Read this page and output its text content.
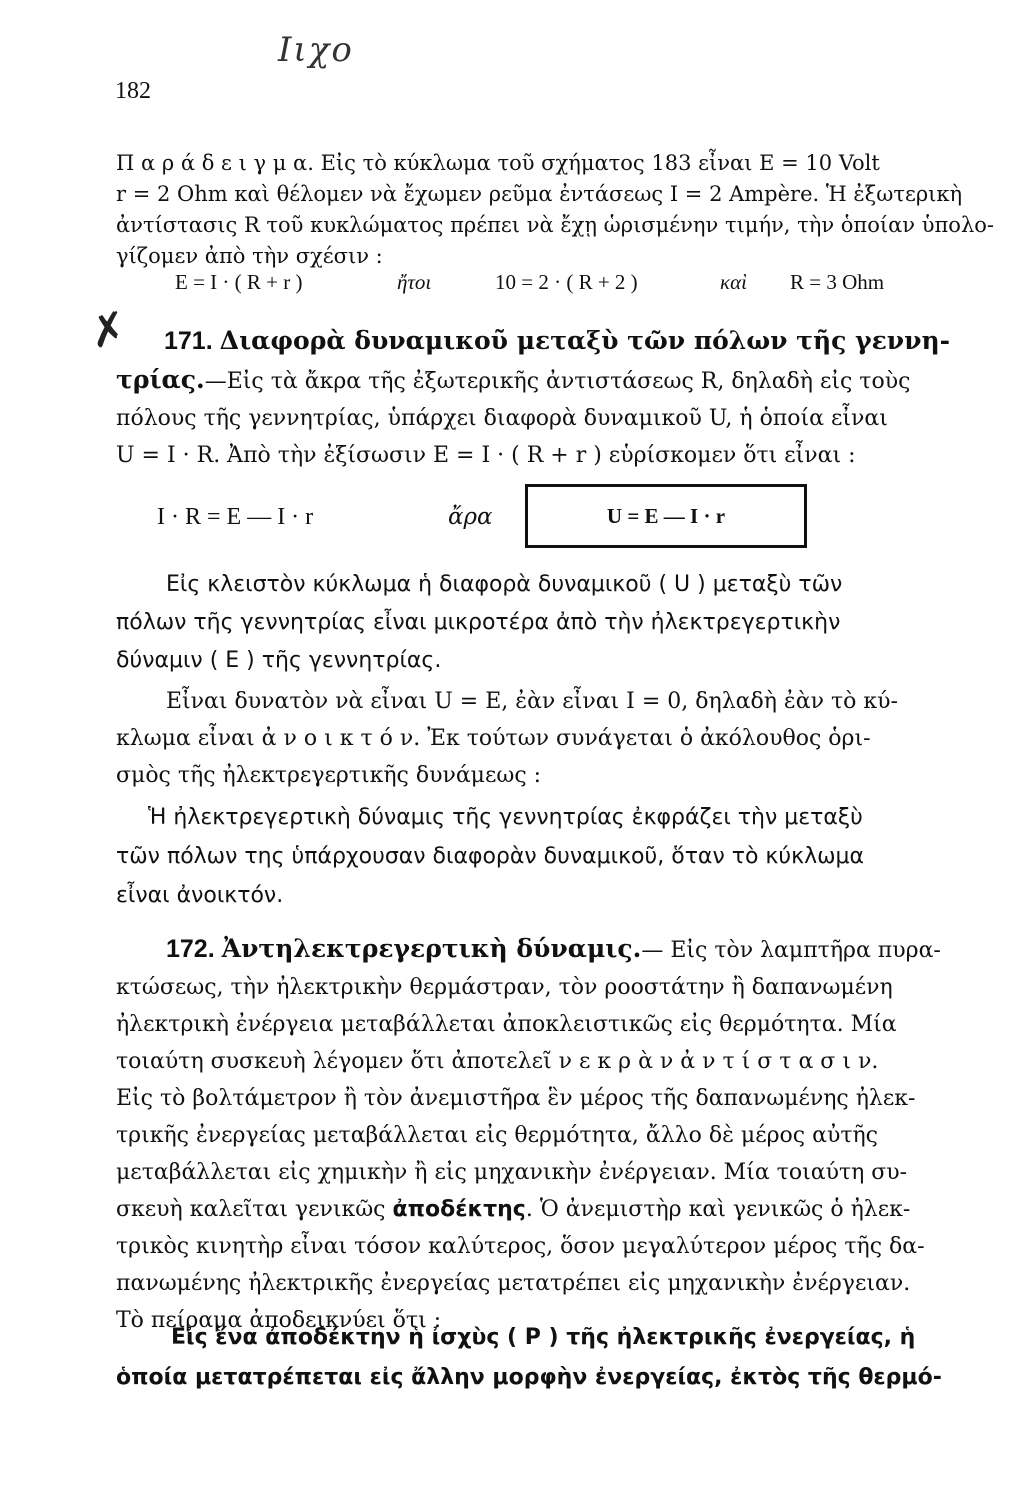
182
Ιιχο
✗
Π α ρ ά δ ε ι γ μ α. Εἰς τὸ κύκλωμα τοῦ σχήματος 183 εἶναι E = 10 Volt
r = 2 Ohm καὶ θέλομεν νὰ ἔχωμεν ρεῦμα ἐντάσεως I = 2 Ampère. Ἡ ἐξωτερικὴ
ἀντίστασις R τοῦ κυκλώματος πρέπει νὰ ἔχῃ ὡρισμένην τιμήν, τὴν ὁποίαν ὑπολο-
γίζομεν ἀπὸ τὴν σχέσιν :
E = I · ( R + r )	ἤτοι	10 = 2 · ( R + 2 )	καὶ R = 3 Ohm
171. Διαφορὰ δυναμικοῦ μεταξὺ τῶν πόλων τῆς γεννη-
τρίας.—Εἰς τὰ ἄκρα τῆς ἐξωτερικῆς ἀντιστάσεως R, δηλαδὴ εἰς τοὺς
πόλους τῆς γεννητρίας, ὑπάρχει διαφορὰ δυναμικοῦ U, ἡ ὁποία εἶναι
U = I · R. Ἀπὸ τὴν ἐξίσωσιν E = I · ( R + r ) εὑρίσκομεν ὅτι εἶναι :
I · R = E — I · r	ἄρα	U = E — I · r
Εἰς κλειστὸν κύκλωμα ἡ διαφορὰ δυναμικοῦ ( U ) μεταξὺ τῶν
πόλων τῆς γεννητρίας εἶναι μικροτέρα ἀπὸ τὴν ἠλεκτρεγερτικὴν
δύναμιν ( E ) τῆς γεννητρίας.
Εἶναι δυνατὸν νὰ εἶναι U = E, ἐὰν εἶναι I = 0, δηλαδὴ ἐὰν τὸ κύ-
κλωμα εἶναι ἀ ν ο ι κ τ ό ν. Ἐκ τούτων συνάγεται ὁ ἀκόλουθος ὁρι-
σμὸς τῆς ἠλεκτρεγερτικῆς δυνάμεως :
Ἡ ἠλεκτρεγερτικὴ δύναμις τῆς γεννητρίας ἐκφράζει τὴν μεταξὺ
τῶν πόλων της ὑπάρχουσαν διαφορὰν δυναμικοῦ, ὅταν τὸ κύκλωμα
εἶναι ἀνοικτόν.
172. Ἀντηλεκτρεγερτικὴ δύναμις.— Εἰς τὸν λαμπτῆρα πυρα-
κτώσεως, τὴν ἠλεκτρικὴν θερμάστραν, τὸν ροοστάτην ἢ δαπανωμένη
ἠλεκτρικὴ ἐνέργεια μεταβάλλεται ἀποκλειστικῶς εἰς θερμότητα. Μία
τοιαύτη συσκευὴ λέγομεν ὅτι ἀποτελεῖ ν ε κ ρ ὰ ν ἀ ν τ ί σ τ α σ ι ν.
Εἰς τὸ βολτάμετρον ἢ τὸν ἀνεμιστῆρα ἓν μέρος τῆς δαπανωμένης ἠλεκ-
τρικῆς ἐνεργείας μεταβάλλεται εἰς θερμότητα, ἄλλο δὲ μέρος αὐτῆς
μεταβάλλεται εἰς χημικὴν ἢ εἰς μηχανικὴν ἐνέργειαν. Μία τοιαύτη συ-
σκευὴ καλεῖται γενικῶς ἀποδέκτης. Ὁ ἀνεμιστὴρ καὶ γενικῶς ὁ ἠλεκ-
τρικὸς κινητὴρ εἶναι τόσον καλύτερος, ὅσον μεγαλύτερον μέρος τῆς δα-
πανωμένης ἠλεκτρικῆς ἐνεργείας μετατρέπει εἰς μηχανικὴν ἐνέργειαν.
Τὸ πείραμα ἀποδεικνύει ὅτι :
Εἰς ἕνα ἀποδέκτην ἡ ἰσχὺς ( P ) τῆς ἠλεκτρικῆς ἐνεργείας, ἡ
ὁποία μετατρέπεται εἰς ἄλλην μορφὴν ἐνεργείας, ἐκτὸς τῆς θερμό-
